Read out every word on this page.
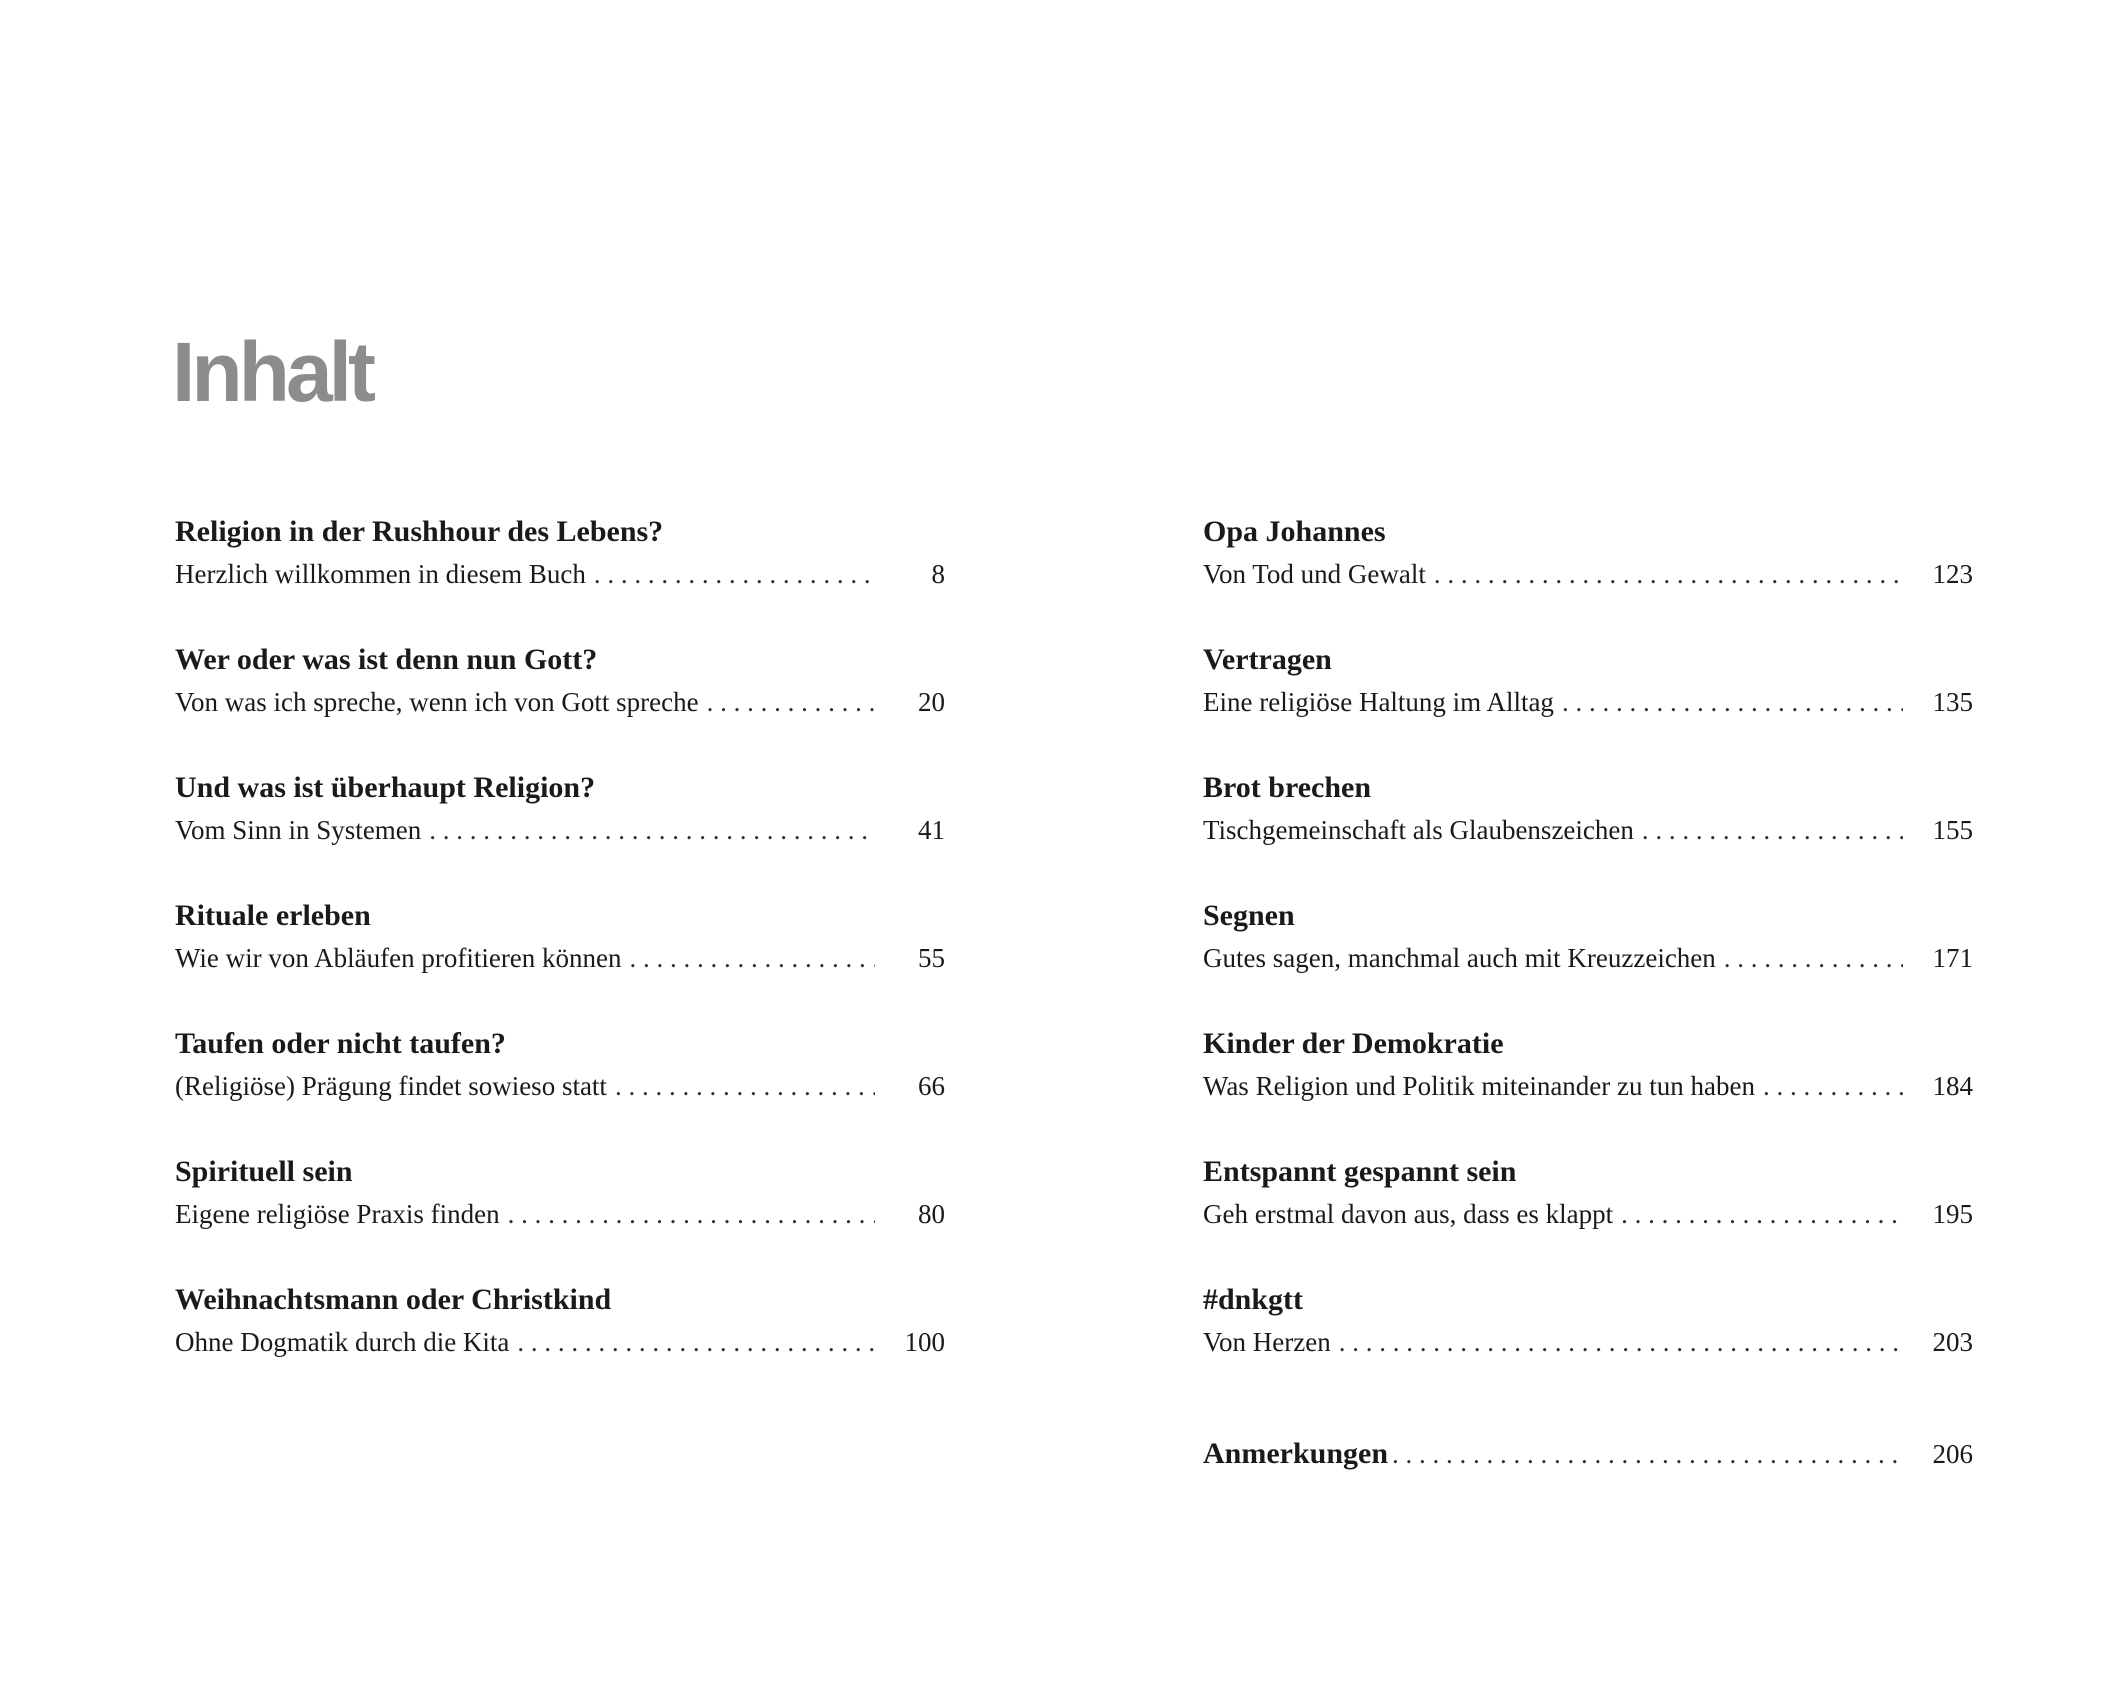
Inhalt
Religion in der Rushhour des Lebens?
Herzlich willkommen in diesem Buch . . .	8
Wer oder was ist denn nun Gott?
Von was ich spreche, wenn ich von Gott spreche . . .	20
Und was ist überhaupt Religion?
Vom Sinn in Systemen . . .	41
Rituale erleben
Wie wir von Abläufen profitieren können . . .	55
Taufen oder nicht taufen?
(Religiöse) Prägung findet sowieso statt . . .	66
Spirituell sein
Eigene religiöse Praxis finden . . .	80
Weihnachtsmann oder Christkind
Ohne Dogmatik durch die Kita . . .	100
Opa Johannes
Von Tod und Gewalt . . .	123
Vertragen
Eine religiöse Haltung im Alltag . . .	135
Brot brechen
Tischgemeinschaft als Glaubenszeichen . . .	155
Segnen
Gutes sagen, manchmal auch mit Kreuzzeichen . . .	171
Kinder der Demokratie
Was Religion und Politik miteinander zu tun haben . . .	184
Entspannt gespannt sein
Geh erstmal davon aus, dass es klappt . . .	195
#dnkgtt
Von Herzen . . .	203
Anmerkungen . . .	206
